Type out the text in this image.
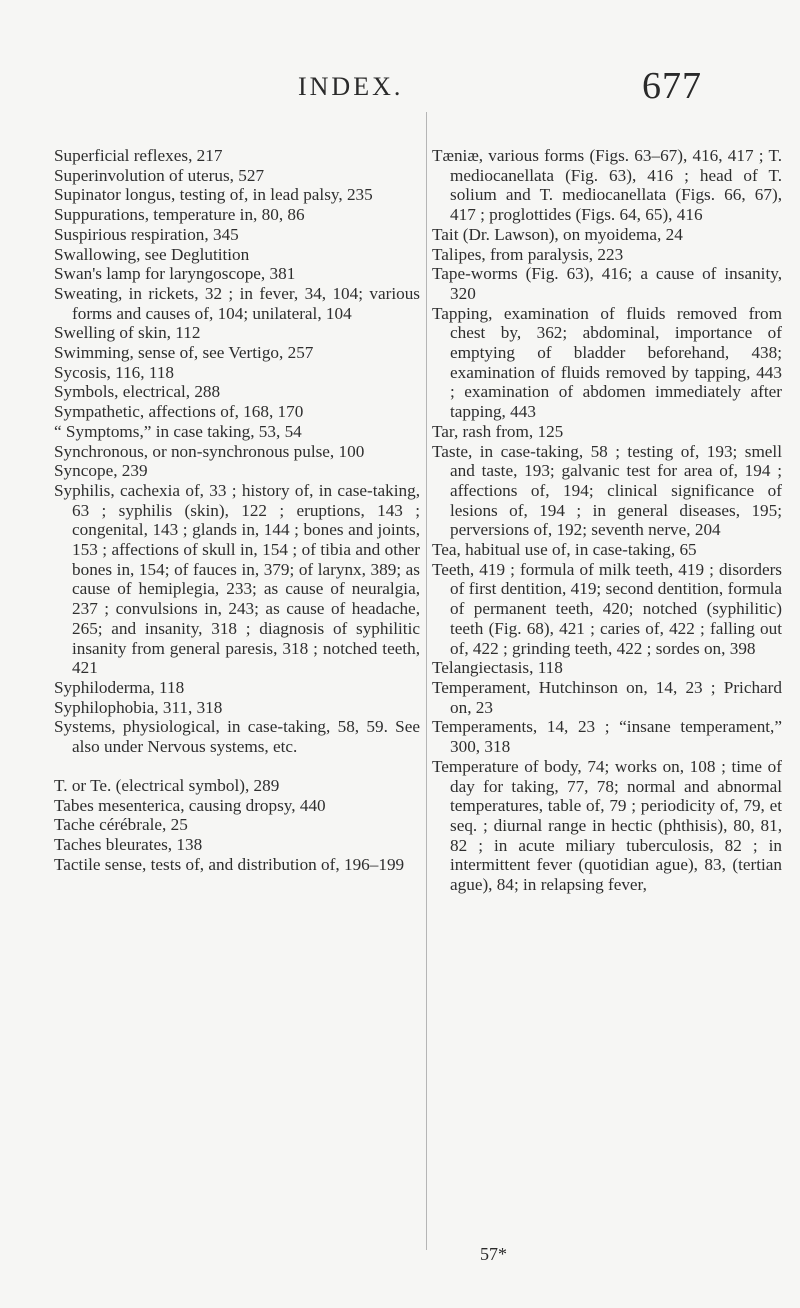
INDEX.	677

Superficial reflexes, 217

Superinvolution of uterus, 527

Supinator longus, testing of, in lead palsy, 235

Suppurations, temperature in, 80, 86

Suspirious respiration, 345

Swallowing, see Deglutition

Swan's lamp for laryngoscope, 381

Sweating, in rickets, 32 ; in fever, 34, 104; various forms and causes of, 104; unilateral, 104

Swelling of skin, 112

Swimming, sense of, see Vertigo, 257

Sycosis, 116, 118

Symbols, electrical, 288

Sympathetic, affections of, 168, 170

“ Symptoms,” in case taking, 53, 54

Synchronous, or non-synchronous pulse, 100

Syncope, 239

Syphilis, cachexia of, 33 ; history of, in case-taking, 63 ; syphilis (skin), 122 ; eruptions, 143 ; congenital, 143 ; glands in, 144 ; bones and joints, 153 ; affections of skull in, 154 ; of tibia and other bones in, 154; of fauces in, 379; of larynx, 389; as cause of hemiplegia, 233; as cause of neuralgia, 237 ; convulsions in, 243; as cause of headache, 265; and insanity, 318 ; diagnosis of syphilitic insanity from general paresis, 318 ; notched teeth, 421

Syphiloderma, 118

Syphilophobia, 311, 318

Systems, physiological, in case-taking, 58, 59. See also under Nervous systems, etc.

T. or Te. (electrical symbol), 289

Tabes mesenterica, causing dropsy, 440

Tache cérébrale, 25

Taches bleurates, 138

Tactile sense, tests of, and distribution of, 196–199

Tæniæ, various forms (Figs. 63–67), 416, 417 ; T. mediocanellata (Fig. 63), 416 ; head of T. solium and T. mediocanellata (Figs. 66, 67), 417 ; proglottides (Figs. 64, 65), 416

Tait (Dr. Lawson), on myoidema, 24

Talipes, from paralysis, 223

Tape-worms (Fig. 63), 416; a cause of insanity, 320

Tapping, examination of fluids removed from chest by, 362; abdominal, importance of emptying of bladder beforehand, 438; examination of fluids removed by tapping, 443 ; examination of abdomen immediately after tapping, 443

Tar, rash from, 125

Taste, in case-taking, 58 ; testing of, 193; smell and taste, 193; galvanic test for area of, 194 ; affections of, 194; clinical significance of lesions of, 194 ; in general diseases, 195; perversions of, 192; seventh nerve, 204

Tea, habitual use of, in case-taking, 65

Teeth, 419 ; formula of milk teeth, 419 ; disorders of first dentition, 419; second dentition, formula of permanent teeth, 420; notched (syphilitic) teeth (Fig. 68), 421 ; caries of, 422 ; falling out of, 422 ; grinding teeth, 422 ; sordes on, 398

Telangiectasis, 118

Temperament, Hutchinson on, 14, 23 ; Prichard on, 23

Temperaments, 14, 23 ; “insane temperament,” 300, 318

Temperature of body, 74; works on, 108 ; time of day for taking, 77, 78; normal and abnormal temperatures, table of, 79 ; periodicity of, 79, et seq. ; diurnal range in hectic (phthisis), 80, 81, 82 ; in acute miliary tuberculosis, 82 ; in intermittent fever (quotidian ague), 83, (tertian ague), 84; in relapsing fever,

57*
